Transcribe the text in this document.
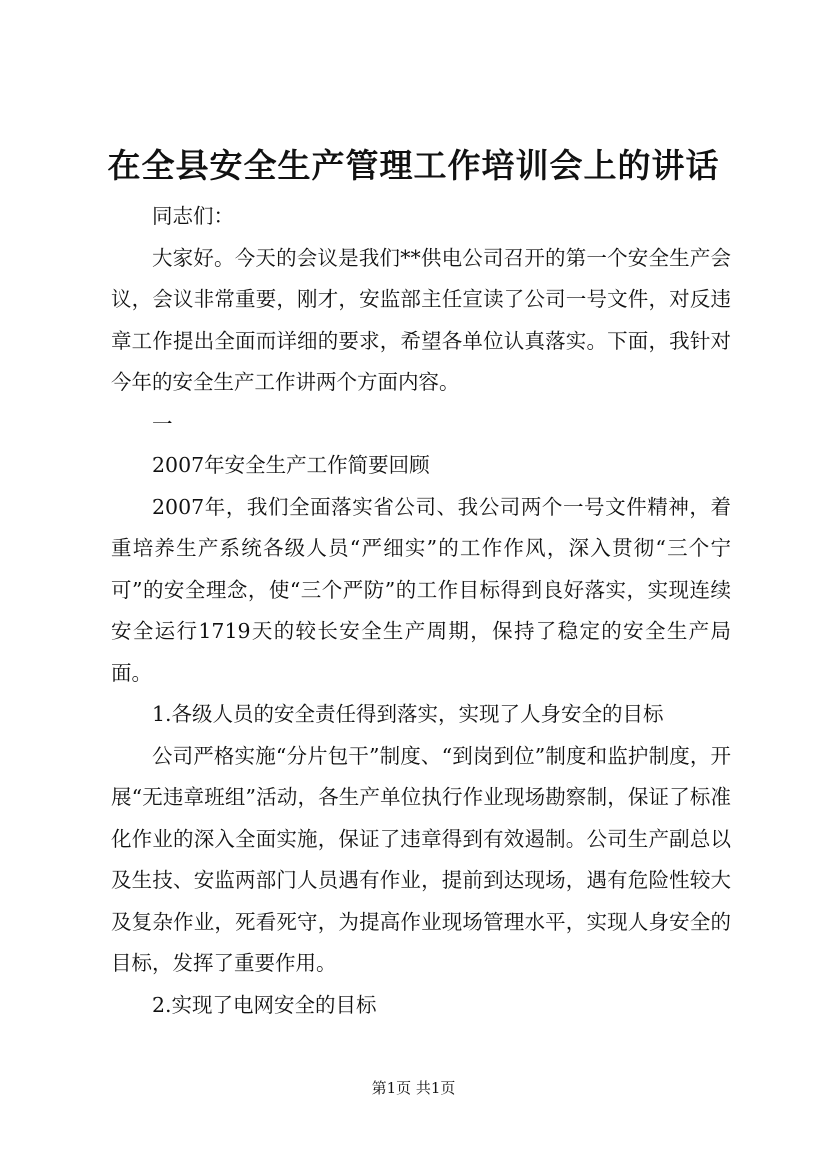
在全县安全生产管理工作培训会上的讲话

同志们：

大家好。今天的会议是我们**供电公司召开的第一个安全生产会议，会议非常重要，刚才，安监部主任宣读了公司一号文件，对反违章工作提出全面而详细的要求，希望各单位认真落实。下面，我针对今年的安全生产工作讲两个方面内容。

一

2007年安全生产工作简要回顾

2007年，我们全面落实省公司、我公司两个一号文件精神，着重培养生产系统各级人员“严细实”的工作作风，深入贯彻“三个宁可”的安全理念，使“三个严防”的工作目标得到良好落实，实现连续安全运行1719天的较长安全生产周期，保持了稳定的安全生产局面。

1.各级人员的安全责任得到落实，实现了人身安全的目标

公司严格实施“分片包干”制度、“到岗到位”制度和监护制度，开展“无违章班组”活动，各生产单位执行作业现场勘察制，保证了标准化作业的深入全面实施，保证了违章得到有效遏制。公司生产副总以及生技、安监两部门人员遇有作业，提前到达现场，遇有危险性较大及复杂作业，死看死守，为提高作业现场管理水平，实现人身安全的目标，发挥了重要作用。

2.实现了电网安全的目标

第1页 共1页
